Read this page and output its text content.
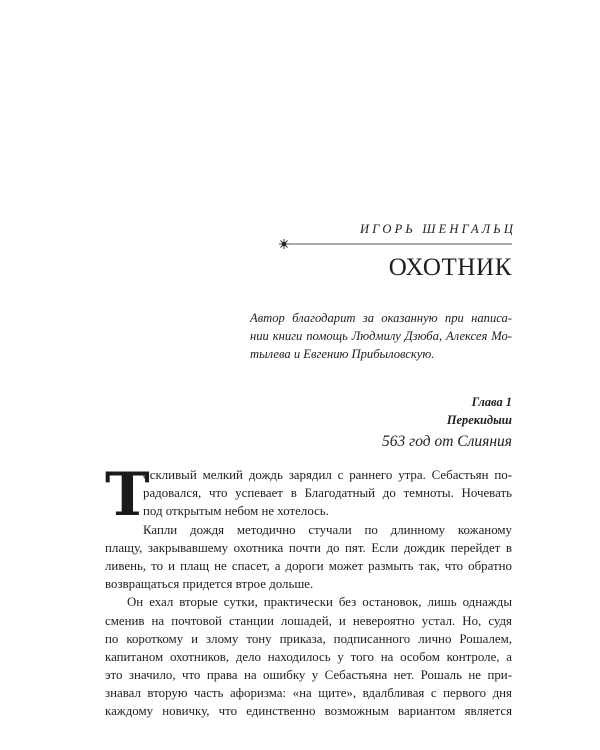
ИГОРЬ ШЕНГАЛЬЦ
ОХОТНИК
Автор благодарит за оказанную при написа-
нии книги помощь Людмилу Дзюба, Алексея Мо-
тылева и Евгению Прибыловскую.
Глава 1
Перекидыш
563 год от Слияния
Т
оскливый мелкий дождь зарядил с раннего утра. Себастьян по-
радовался, что успевает в Благодатный до темноты. Ночевать
под открытым небом не хотелось.
Капли дождя методично стучали по длинному кожаному
плащу, закрывавшему охотника почти до пят. Если дождик перейдет в
ливень, то и плащ не спасет, а дороги может размыть так, что обратно
возвращаться придется втрое дольше.
Он ехал вторые сутки, практически без остановок, лишь однажды
сменив на почтовой станции лошадей, и невероятно устал. Но, судя
по короткому и злому тону приказа, подписанного лично Рошалем,
капитаном охотников, дело находилось у того на особом контроле, а
это значило, что права на ошибку у Себастьяна нет. Рошаль не при-
знавал вторую часть афоризма: «на щите», вдалбливая с первого дня
каждому новичку, что единственно возможным вариантом является
